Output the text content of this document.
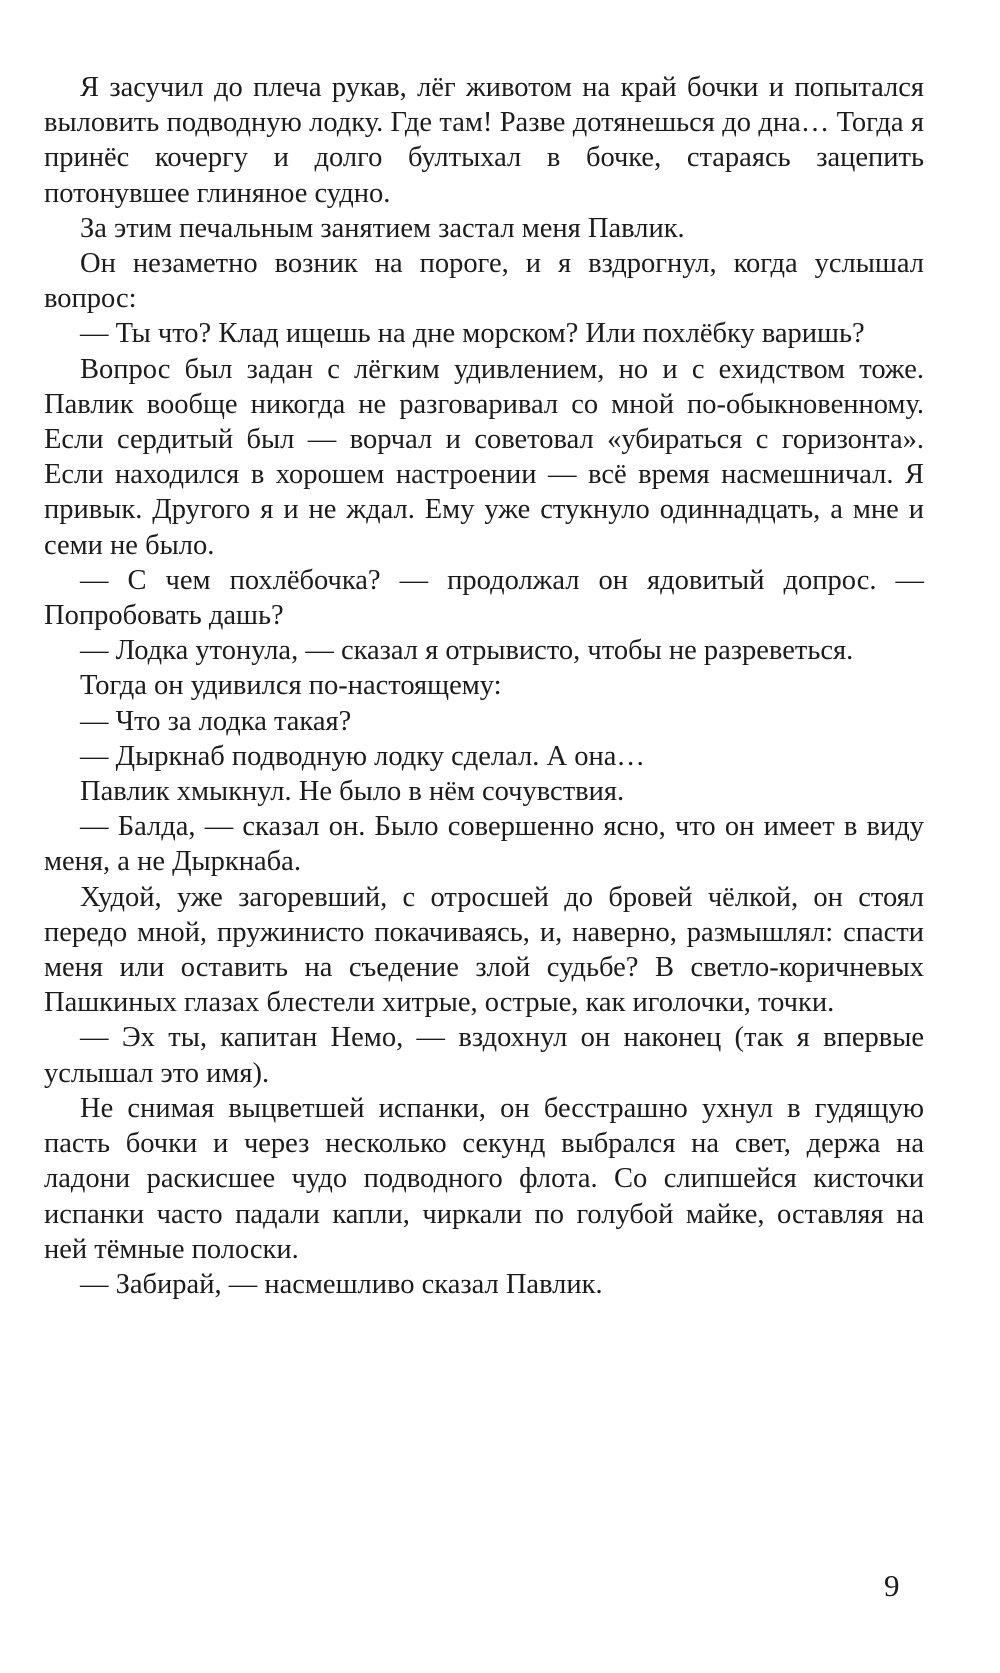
Я засучил до плеча рукав, лёг животом на край бочки и попытался выловить подводную лодку. Где там! Разве дотянешься до дна… Тогда я принёс кочергу и долго бултыхал в бочке, стараясь зацепить потонувшее глиняное судно.

За этим печальным занятием застал меня Павлик.

Он незаметно возник на пороге, и я вздрогнул, когда услышал вопрос:

— Ты что? Клад ищешь на дне морском? Или похлёбку варишь?

Вопрос был задан с лёгким удивлением, но и с ехидством тоже. Павлик вообще никогда не разговаривал со мной по-обыкновенному. Если сердитый был — ворчал и советовал «убираться с горизонта». Если находился в хорошем настроении — всё время насмешничал. Я привык. Другого я и не ждал. Ему уже стукнуло одиннадцать, а мне и семи не было.

— С чем похлёбочка? — продолжал он ядовитый допрос. — Попробовать дашь?

— Лодка утонула, — сказал я отрывисто, чтобы не разреветься.

Тогда он удивился по-настоящему:

— Что за лодка такая?

— Дыркнаб подводную лодку сделал. А она…

Павлик хмыкнул. Не было в нём сочувствия.

— Балда, — сказал он. Было совершенно ясно, что он имеет в виду меня, а не Дыркнаба.

Худой, уже загоревший, с отросшей до бровей чёлкой, он стоял передо мной, пружинисто покачиваясь, и, наверно, размышлял: спасти меня или оставить на съедение злой судьбе? В светло-коричневых Пашкиных глазах блестели хитрые, острые, как иголочки, точки.

— Эх ты, капитан Немо, — вздохнул он наконец (так я впервые услышал это имя).

Не снимая выцветшей испанки, он бесстрашно ухнул в гудящую пасть бочки и через несколько секунд выбрался на свет, держа на ладони раскисшее чудо подводного флота. Со слипшейся кисточки испанки часто падали капли, чиркали по голубой майке, оставляя на ней тёмные полоски.

— Забирай, — насмешливо сказал Павлик.

9
